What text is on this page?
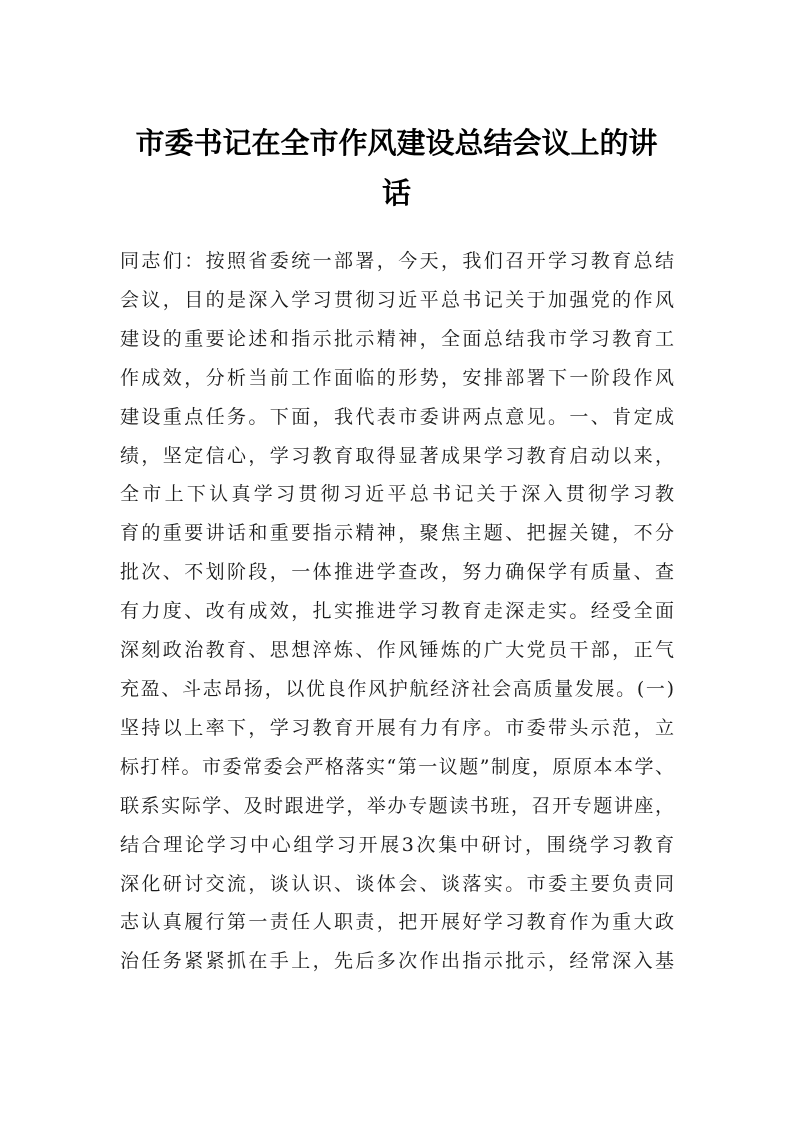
市委书记在全市作风建设总结会议上的讲
话
同志们：按照省委统一部署，今天，我们召开学习教育总结
会议，目的是深入学习贯彻习近平总书记关于加强党的作风
建设的重要论述和指示批示精神，全面总结我市学习教育工
作成效，分析当前工作面临的形势，安排部署下一阶段作风
建设重点任务。下面，我代表市委讲两点意见。一、肯定成
绩，坚定信心，学习教育取得显著成果学习教育启动以来，
全市上下认真学习贯彻习近平总书记关于深入贯彻学习教
育的重要讲话和重要指示精神，聚焦主题、把握关键，不分
批次、不划阶段，一体推进学查改，努力确保学有质量、查
有力度、改有成效，扎实推进学习教育走深走实。经受全面
深刻政治教育、思想淬炼、作风锤炼的广大党员干部，正气
充盈、斗志昂扬，以优良作风护航经济社会高质量发展。(一)
坚持以上率下，学习教育开展有力有序。市委带头示范，立
标打样。市委常委会严格落实“第一议题”制度，原原本本学、
联系实际学、及时跟进学，举办专题读书班，召开专题讲座，
结合理论学习中心组学习开展3次集中研讨，围绕学习教育
深化研讨交流，谈认识、谈体会、谈落实。市委主要负责同
志认真履行第一责任人职责，把开展好学习教育作为重大政
治任务紧紧抓在手上，先后多次作出指示批示，经常深入基
